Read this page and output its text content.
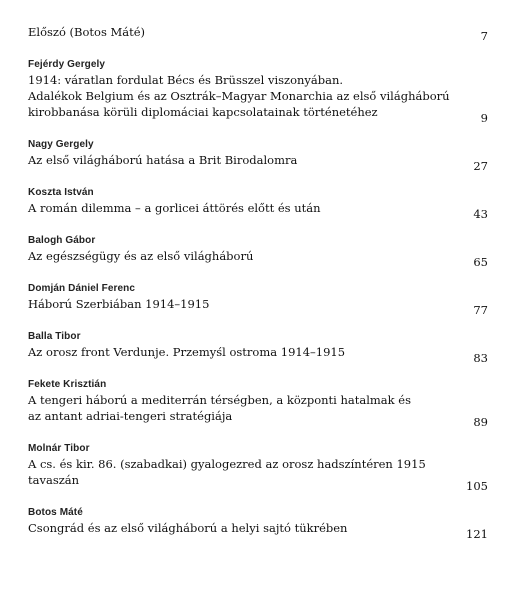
Előszó (Botos Máté)	7
Fejérdy Gergely
1914: váratlan fordulat Bécs és Brüsszel viszonyában.
Adalékok Belgium és az Osztrák–Magyar Monarchia az első világháború
kirobbanása körüli diplomáciai kapcsolatainak történetéhez	9
Nagy Gergely
Az első világháború hatása a Brit Birodalomra	27
Koszta István
A román dilemma – a gorlicei áttörés előtt és után	43
Balogh Gábor
Az egészségügy és az első világháború	65
Domján Dániel Ferenc
Háború Szerbiában 1914–1915	77
Balla Tibor
Az orosz front Verdunje. Przemyśl ostroma 1914–1915	83
Fekete Krisztián
A tengeri háború a mediterrán térségben, a központi hatalmak és
az antant adriai-tengeri stratégiája	89
Molnár Tibor
A cs. és kir. 86. (szabadkai) gyalogezred az orosz hadszíntéren 1915 tavaszán	105
Botos Máté
Csongrád és az első világháború a helyi sajtó tükrében	121
